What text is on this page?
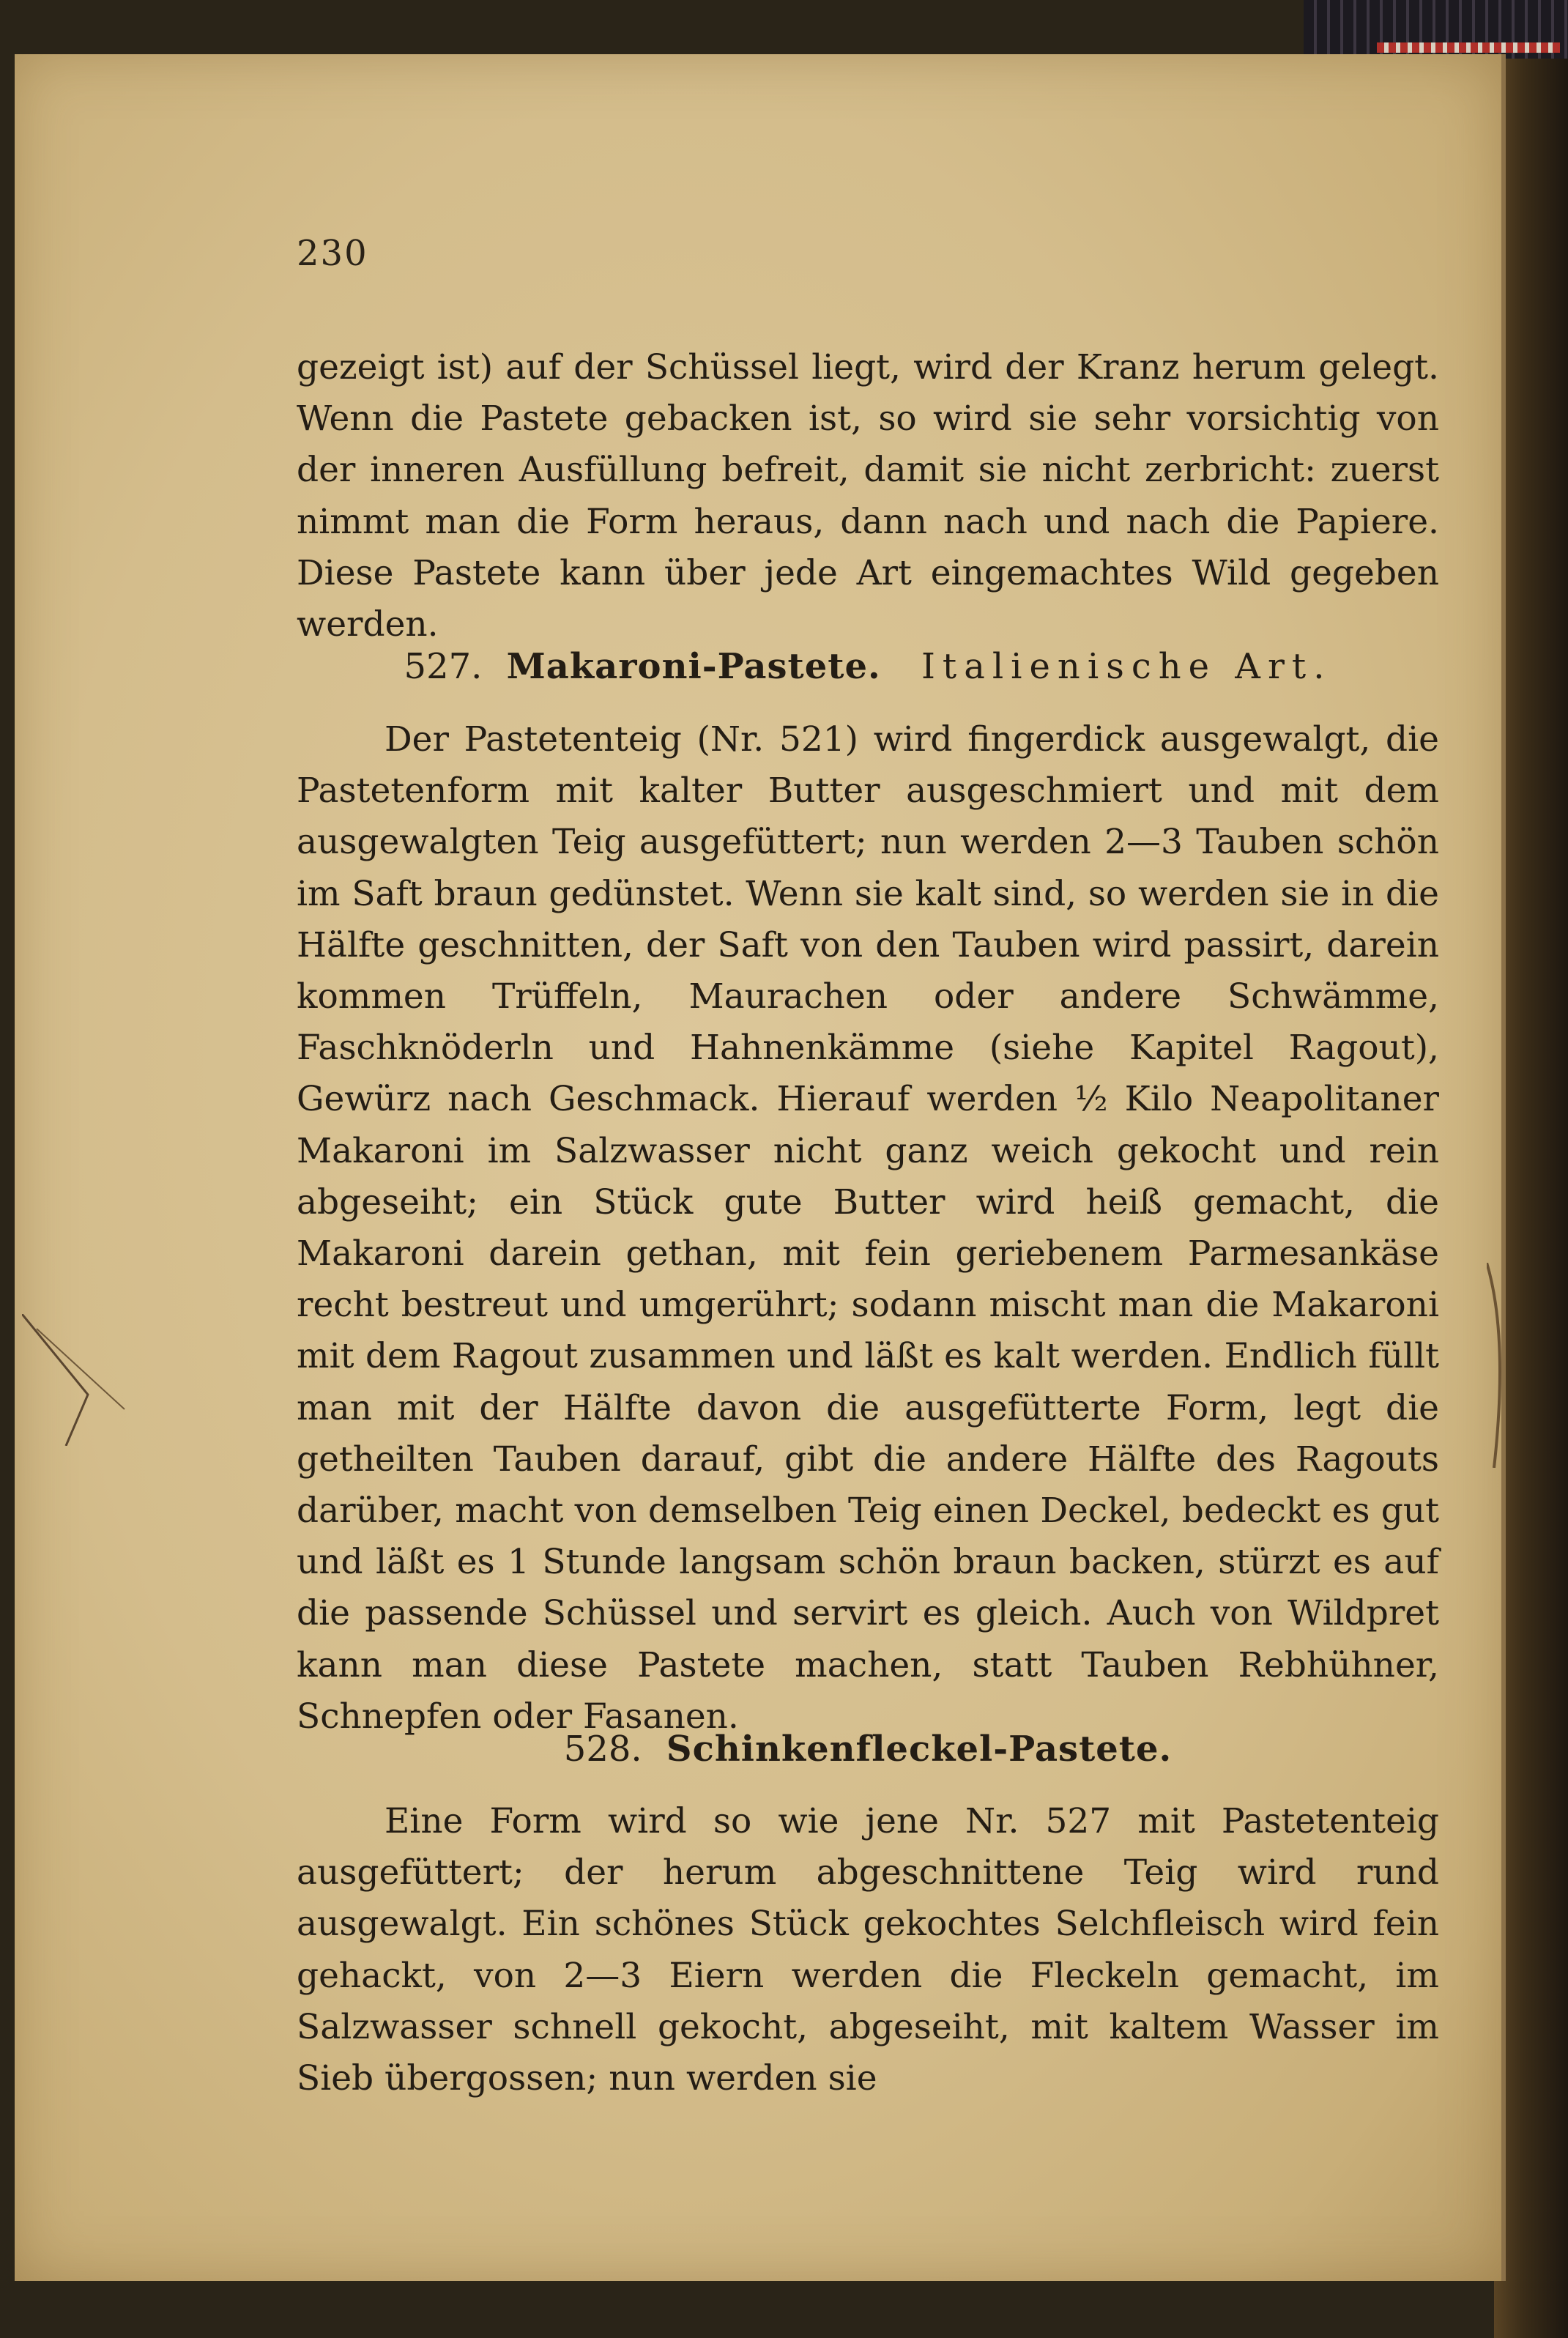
230

gezeigt ist) auf der Schüssel liegt, wird der Kranz herum gelegt. Wenn die Pastete gebacken ist, so wird sie sehr vorsichtig von der inneren Ausfüllung befreit, damit sie nicht zerbricht: zuerst nimmt man die Form heraus, dann nach und nach die Papiere. Diese Pastete kann über jede Art eingemachtes Wild gegeben werden.

527. Makaroni-Pastete. Italienische Art.

Der Pastetenteig (Nr. 521) wird fingerdick ausgewalgt, die Pastetenform mit kalter Butter ausgeschmiert und mit dem ausgewalgten Teig ausgefüttert; nun werden 2—3 Tauben schön im Saft braun gedünstet. Wenn sie kalt sind, so werden sie in die Hälfte geschnitten, der Saft von den Tauben wird passirt, darein kommen Trüffeln, Maurachen oder andere Schwämme, Faschknöderln und Hahnenkämme (siehe Kapitel Ragout), Gewürz nach Geschmack. Hierauf werden ½ Kilo Neapolitaner Makaroni im Salzwasser nicht ganz weich gekocht und rein abgeseiht; ein Stück gute Butter wird heiß gemacht, die Makaroni darein gethan, mit fein geriebenem Parmesankäse recht bestreut und umgerührt; sodann mischt man die Makaroni mit dem Ragout zusammen und läßt es kalt werden. Endlich füllt man mit der Hälfte davon die ausgefütterte Form, legt die getheilten Tauben darauf, gibt die andere Hälfte des Ragouts darüber, macht von demselben Teig einen Deckel, bedeckt es gut und läßt es 1 Stunde langsam schön braun backen, stürzt es auf die passende Schüssel und servirt es gleich. Auch von Wildpret kann man diese Pastete machen, statt Tauben Rebhühner, Schnepfen oder Fasanen.

528. Schinkenfleckel-Pastete.

Eine Form wird so wie jene Nr. 527 mit Pastetenteig ausgefüttert; der herum abgeschnittene Teig wird rund ausgewalgt. Ein schönes Stück gekochtes Selchfleisch wird fein gehackt, von 2—3 Eiern werden die Fleckeln gemacht, im Salzwasser schnell gekocht, abgeseiht, mit kaltem Wasser im Sieb übergossen; nun werden sie
